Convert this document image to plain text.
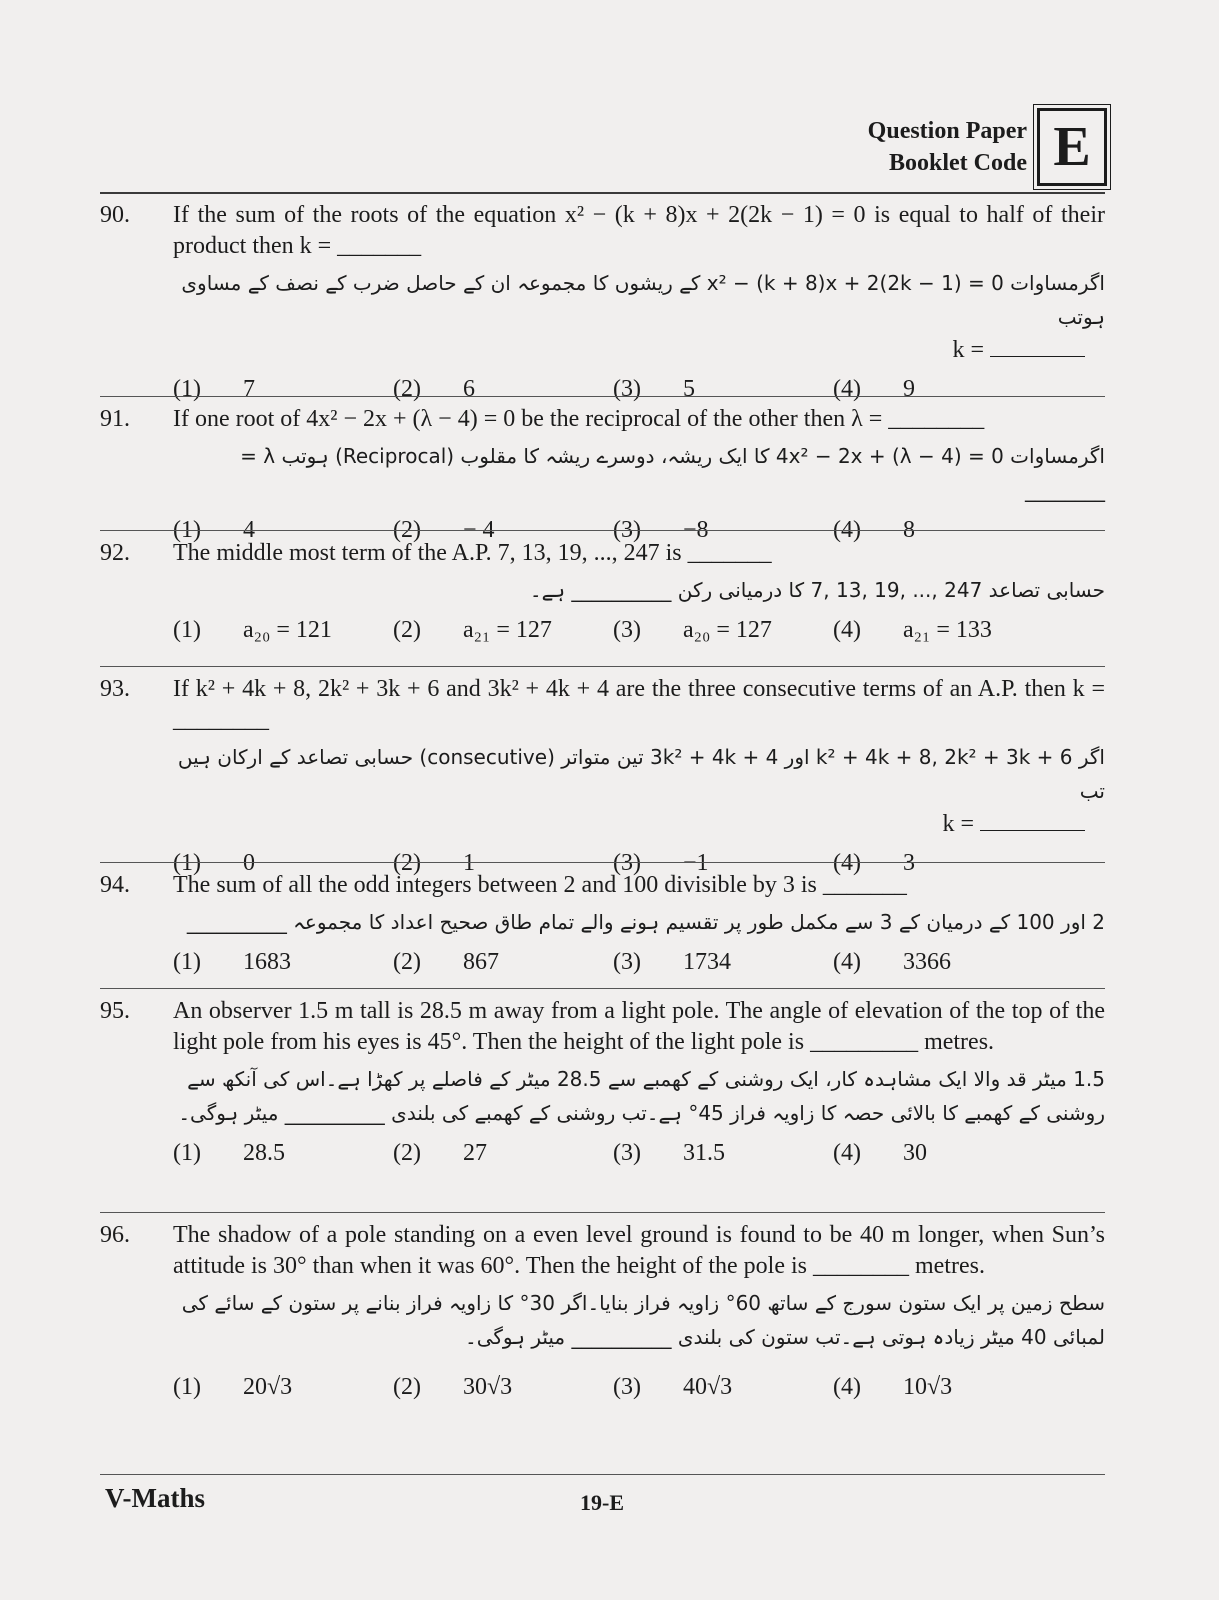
Question Paper
Booklet Code E
90.	If the sum of the roots of the equation x² − (k + 8)x + 2(2k − 1) = 0 is equal to half of their product then k = _______
اگرمساوات x² − (k + 8)x + 2(2k − 1) = 0 کے ریشوں کا مجموعہ ان کے حاصل ضرب کے نصف کے مساوی ہوتب
k =
(1)	7	(2)	6	(3)	5	(4)	9
91.	If one root of 4x² − 2x + (λ − 4) = 0 be the reciprocal of the other then λ = ________
اگرمساوات 4x² − 2x + (λ − 4) = 0 کا ایک ریشہ، دوسرے ریشہ کا مقلوب (Reciprocal) ہوتب λ = ________
(1)	4	(2)	− 4	(3)	−8	(4)	8
92.	The middle most term of the A.P. 7, 13, 19, ..., 247 is _______
حسابی تصاعد 247 ,... ,19 ,13 ,7 کا درمیانی رکن __________ ہے۔
(1)	a₂₀ = 121	(2)	a₂₁ = 127	(3)	a₂₀ = 127	(4)	a₂₁ = 133
93.	If k² + 4k + 8, 2k² + 3k + 6 and 3k² + 4k + 4 are the three consecutive terms of an A.P. then k = ________
اگر k² + 4k + 8, 2k² + 3k + 6 اور 3k² + 4k + 4 تین متواتر (consecutive) حسابی تصاعد کے ارکان ہیں تب
k =
(1)	0	(2)	1	(3)	−1	(4)	3
94.	The sum of all the odd integers between 2 and 100 divisible by 3 is _______
2 اور 100 کے درمیان کے 3 سے مکمل طور پر تقسیم ہونے والے تمام طاق صحیح اعداد کا مجموعہ __________
(1)	1683	(2)	867	(3)	1734	(4)	3366
95.	An observer 1.5 m tall is 28.5 m away from a light pole. The angle of elevation of the top of the light pole from his eyes is 45°. Then the height of the light pole is _________ metres.
1.5 میٹر قد والا ایک مشاہدہ کار، ایک روشنی کے کھمبے سے 28.5 میٹر کے فاصلے پر کھڑا ہے۔اس کی آنکھ سے روشنی کے کھمبے کا بالائی حصہ کا زاویہ فراز 45° ہے۔تب روشنی کے کھمبے کی بلندی __________ میٹر ہوگی۔
(1)	28.5	(2)	27	(3)	31.5	(4)	30
96.	The shadow of a pole standing on a even level ground is found to be 40 m longer, when Sun’s attitude is 30° than when it was 60°. Then the height of the pole is ________ metres.
سطح زمین پر ایک ستون سورج کے ساتھ 60° زاویہ فراز بنایا۔اگر 30° کا زاویہ فراز بنانے پر ستون کے سائے کی لمبائی 40 میٹر زیادہ ہوتی ہے۔تب ستون کی بلندی __________ میٹر ہوگی۔
(1)	20√3	(2)	30√3	(3)	40√3	(4)	10√3
V-Maths	19-E
